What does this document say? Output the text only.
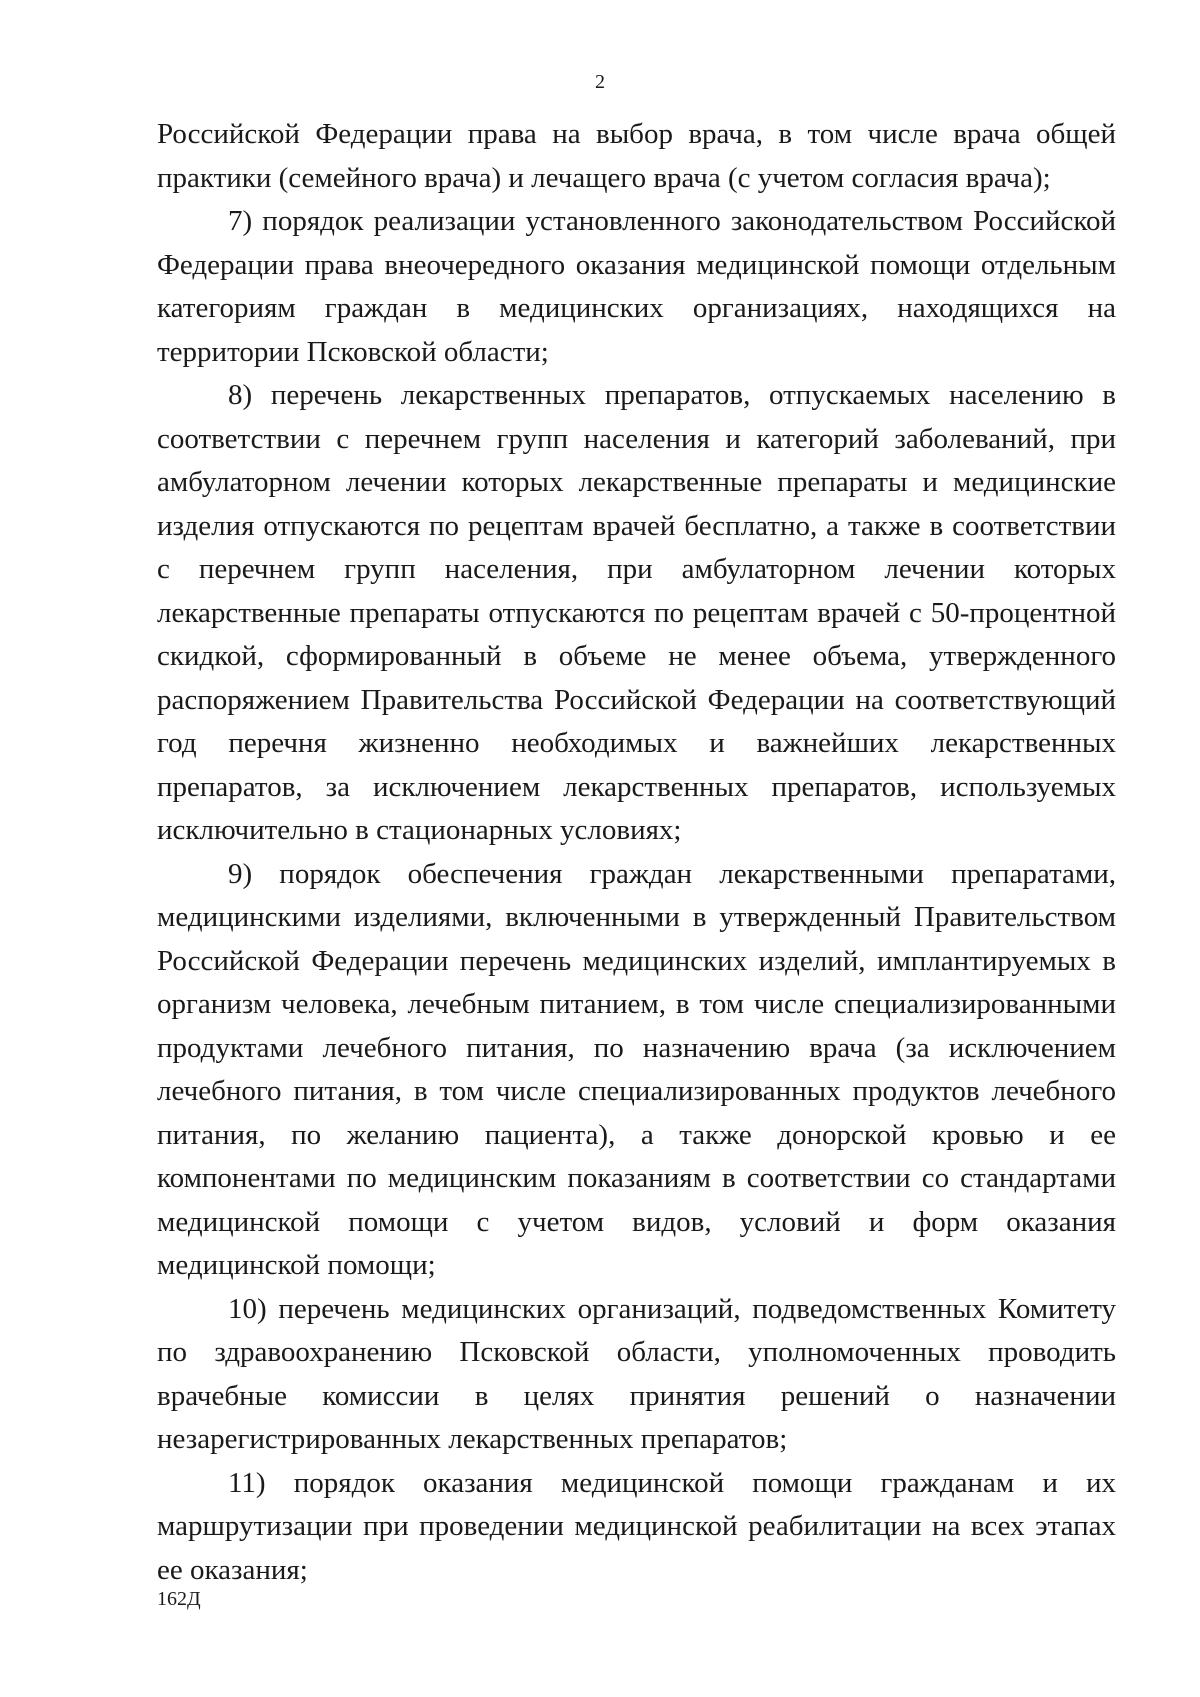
2

Российской Федерации права на выбор врача, в том числе врача общей практики (семейного врача) и лечащего врача (с учетом согласия врача);

7) порядок реализации установленного законодательством Российской Федерации права внеочередного оказания медицинской помощи отдельным категориям граждан в медицинских организациях, находящихся на территории Псковской области;

8) перечень лекарственных препаратов, отпускаемых населению в соответствии с перечнем групп населения и категорий заболеваний, при амбулаторном лечении которых лекарственные препараты и медицинские изделия отпускаются по рецептам врачей бесплатно, а также в соответствии с перечнем групп населения, при амбулаторном лечении которых лекарственные препараты отпускаются по рецептам врачей с 50-процентной скидкой, сформированный в объеме не менее объема, утвержденного распоряжением Правительства Российской Федерации на соответствующий год перечня жизненно необходимых и важнейших лекарственных препаратов, за исключением лекарственных препаратов, используемых исключительно в стационарных условиях;

9) порядок обеспечения граждан лекарственными препаратами, медицинскими изделиями, включенными в утвержденный Правительством Российской Федерации перечень медицинских изделий, имплантируемых в организм человека, лечебным питанием, в том числе специализированными продуктами лечебного питания, по назначению врача (за исключением лечебного питания, в том числе специализированных продуктов лечебного питания, по желанию пациента), а также донорской кровью и ее компонентами по медицинским показаниям в соответствии со стандартами медицинской помощи с учетом видов, условий и форм оказания медицинской помощи;

10) перечень медицинских организаций, подведомственных Комитету по здравоохранению Псковской области, уполномоченных проводить врачебные комиссии в целях принятия решений о назначении незарегистрированных лекарственных препаратов;

11) порядок оказания медицинской помощи гражданам и их маршрутизации при проведении медицинской реабилитации на всех этапах ее оказания;

162Д
